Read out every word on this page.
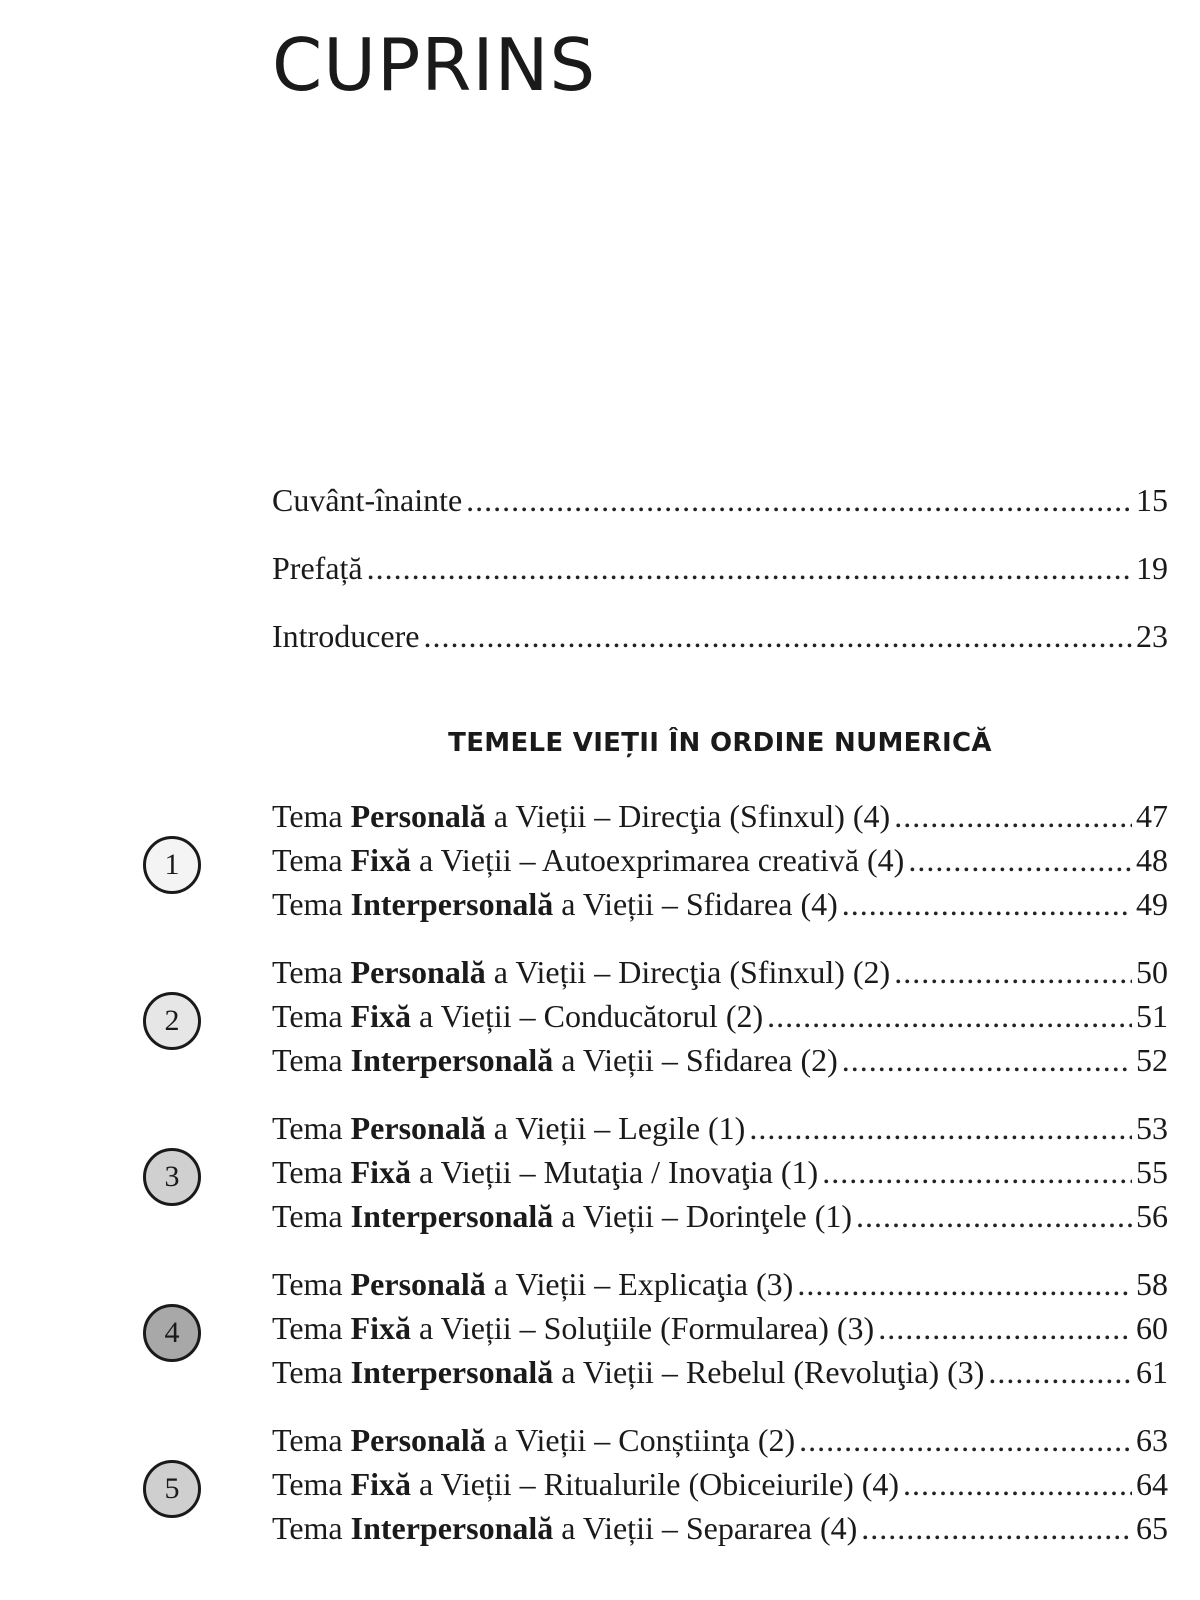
CUPRINS
Cuvânt-înainte .....	15
Prefață .....	19
Introducere .....	23
TEMELE VIEȚII ÎN ORDINE NUMERICĂ
1
Tema Personală a Vieții – Direcţia (Sfinxul) (4) .....	47
Tema Fixă a Vieții – Autoexprimarea creativă (4) .....	48
Tema Interpersonală a Vieții – Sfidarea (4) .....	49
2
Tema Personală a Vieții – Direcţia (Sfinxul) (2) .....	50
Tema Fixă a Vieții – Conducătorul (2) .....	51
Tema Interpersonală a Vieții – Sfidarea (2) .....	52
3
Tema Personală a Vieții – Legile (1) .....	53
Tema Fixă a Vieții – Mutaţia / Inovaţia (1) .....	55
Tema Interpersonală a Vieții – Dorinţele (1) .....	56
4
Tema Personală a Vieții – Explicaţia (3) .....	58
Tema Fixă a Vieții – Soluţiile (Formularea) (3) .....	60
Tema Interpersonală a Vieții – Rebelul (Revoluţia) (3) .....	61
5
Tema Personală a Vieții – Conștiinţa (2) .....	63
Tema Fixă a Vieții – Ritualurile (Obiceiurile) (4) .....	64
Tema Interpersonală a Vieții – Separarea (4) .....	65
